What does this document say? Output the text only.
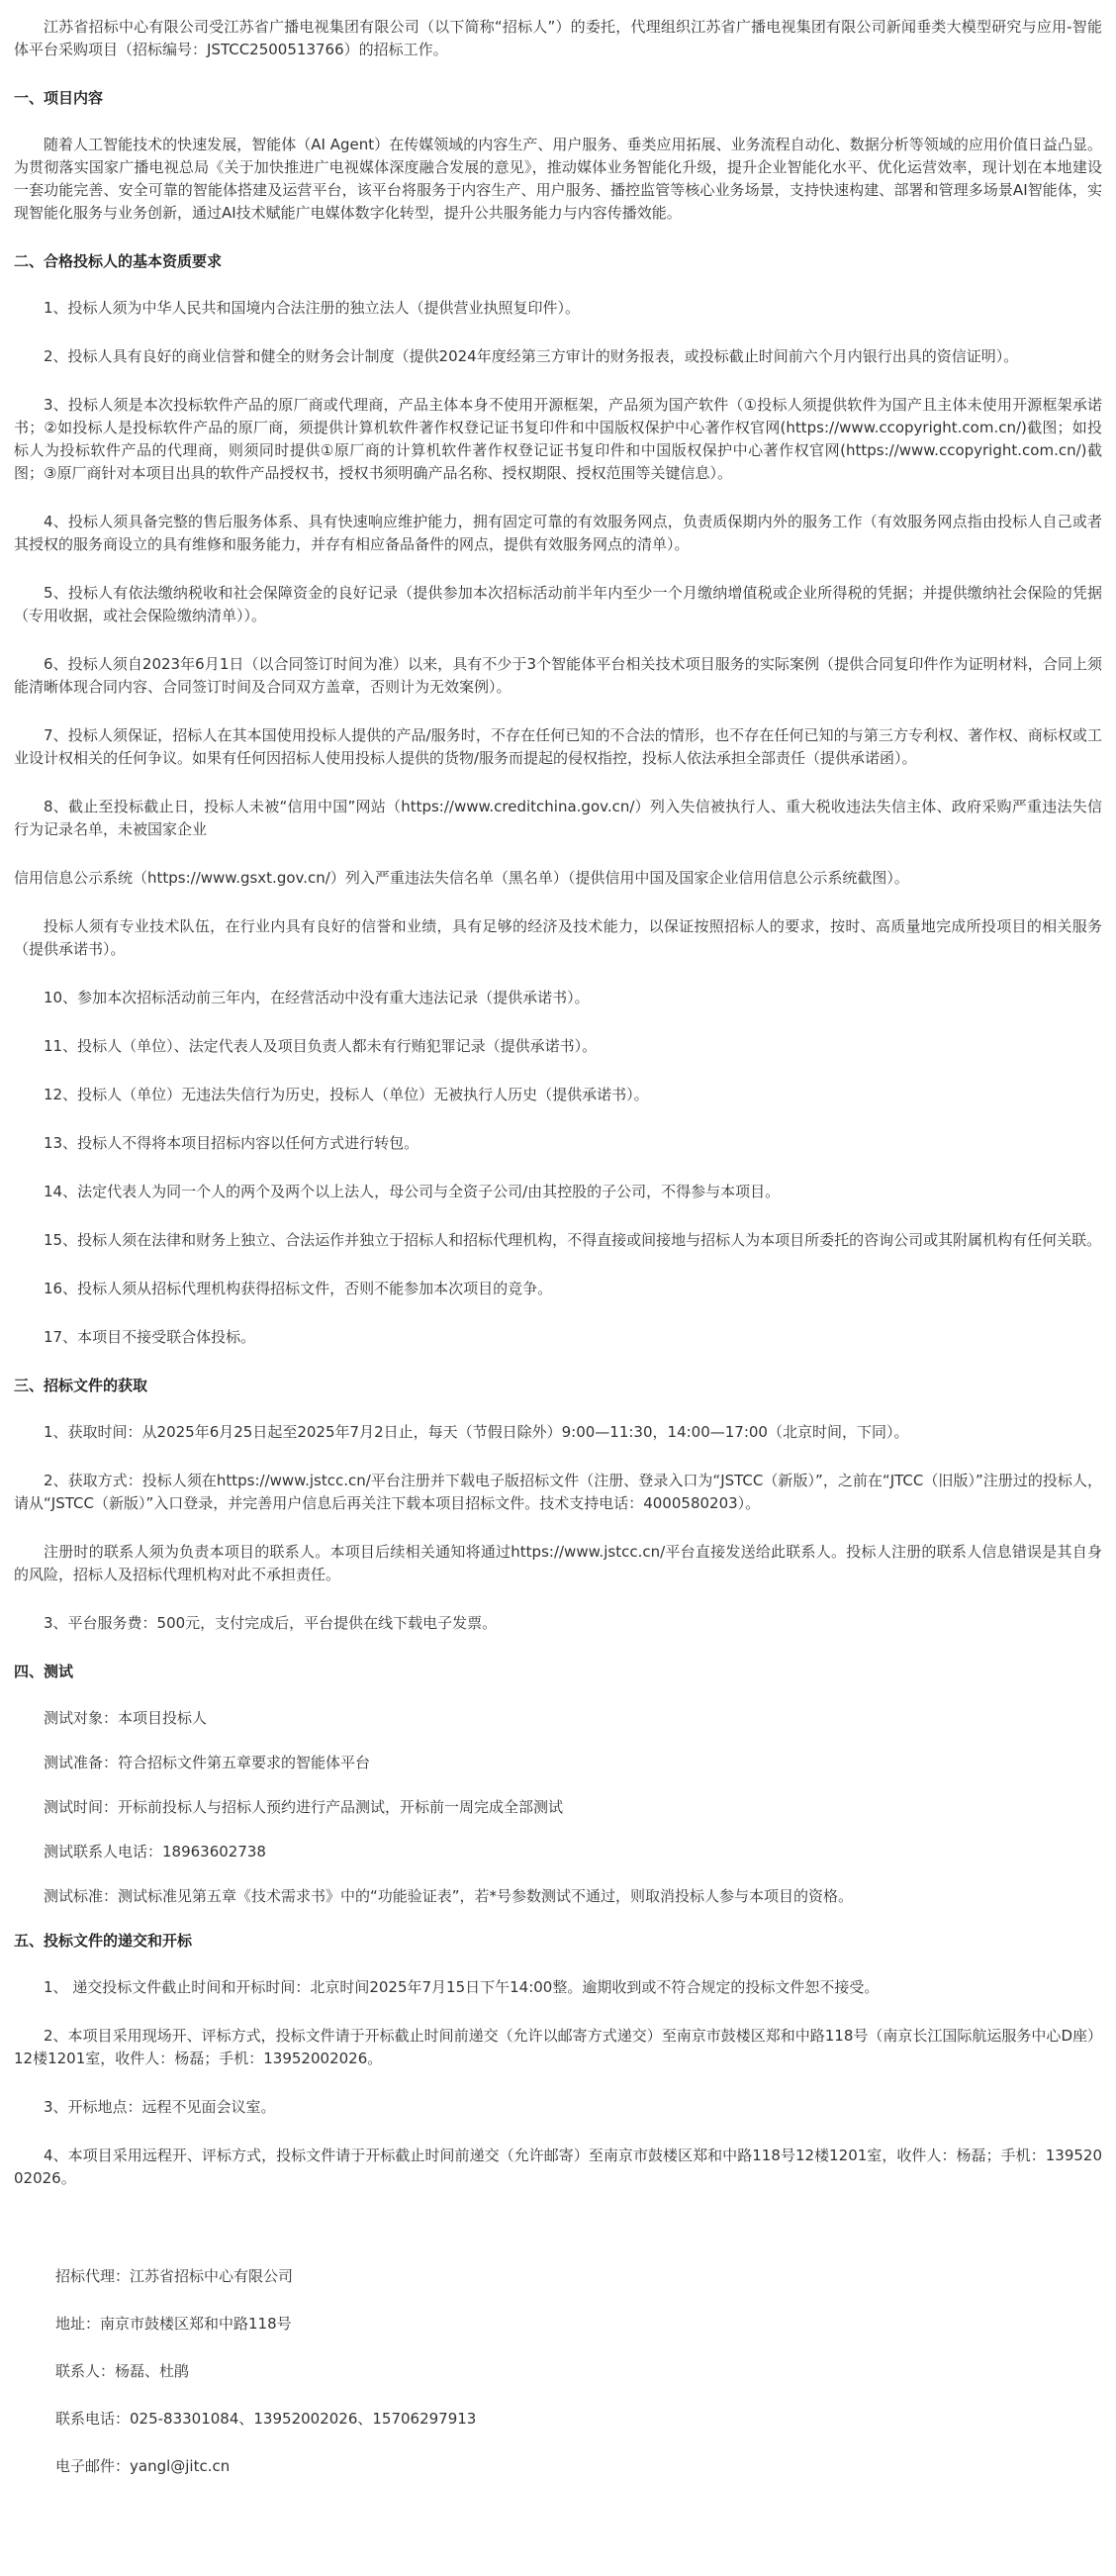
江苏省招标中心有限公司受江苏省广播电视集团有限公司（以下简称“招标人”）的委托，代理组织江苏省广播电视集团有限公司新闻垂类大模型研究与应用-智能体平台采购项目（招标编号：JSTCC2500513766）的招标工作。

一、项目内容

随着人工智能技术的快速发展，智能体（AI Agent）在传媒领域的内容生产、用户服务、垂类应用拓展、业务流程自动化、数据分析等领域的应用价值日益凸显。为贯彻落实国家广播电视总局《关于加快推进广电视媒体深度融合发展的意见》，推动媒体业务智能化升级，提升企业智能化水平、优化运营效率，现计划在本地建设一套功能完善、安全可靠的智能体搭建及运营平台，该平台将服务于内容生产、用户服务、播控监管等核心业务场景，支持快速构建、部署和管理多场景AI智能体，实现智能化服务与业务创新，通过AI技术赋能广电媒体数字化转型，提升公共服务能力与内容传播效能。

二、合格投标人的基本资质要求

1、投标人须为中华人民共和国境内合法注册的独立法人（提供营业执照复印件）。

2、投标人具有良好的商业信誉和健全的财务会计制度（提供2024年度经第三方审计的财务报表，或投标截止时间前六个月内银行出具的资信证明）。

3、投标人须是本次投标软件产品的原厂商或代理商，产品主体本身不使用开源框架，产品须为国产软件（①投标人须提供软件为国产且主体未使用开源框架承诺书；②如投标人是投标软件产品的原厂商，须提供计算机软件著作权登记证书复印件和中国版权保护中心著作权官网(https://www.ccopyright.com.cn/)截图；如投标人为投标软件产品的代理商，则须同时提供①原厂商的计算机软件著作权登记证书复印件和中国版权保护中心著作权官网(https://www.ccopyright.com.cn/)截图；③原厂商针对本项目出具的软件产品授权书，授权书须明确产品名称、授权期限、授权范围等关键信息）。

4、投标人须具备完整的售后服务体系、具有快速响应维护能力，拥有固定可靠的有效服务网点，负责质保期内外的服务工作（有效服务网点指由投标人自己或者其授权的服务商设立的具有维修和服务能力，并存有相应备品备件的网点，提供有效服务网点的清单）。

5、投标人有依法缴纳税收和社会保障资金的良好记录（提供参加本次招标活动前半年内至少一个月缴纳增值税或企业所得税的凭据；并提供缴纳社会保险的凭据（专用收据，或社会保险缴纳清单））。

6、投标人须自2023年6月1日（以合同签订时间为准）以来，具有不少于3个智能体平台相关技术项目服务的实际案例（提供合同复印件作为证明材料，合同上须能清晰体现合同内容、合同签订时间及合同双方盖章，否则计为无效案例）。

7、投标人须保证，招标人在其本国使用投标人提供的产品/服务时，不存在任何已知的不合法的情形，也不存在任何已知的与第三方专利权、著作权、商标权或工业设计权相关的任何争议。如果有任何因招标人使用投标人提供的货物/服务而提起的侵权指控，投标人依法承担全部责任（提供承诺函）。

8、截止至投标截止日，投标人未被“信用中国”网站（https://www.creditchina.gov.cn/）列入失信被执行人、重大税收违法失信主体、政府采购严重违法失信行为记录名单，未被国家企业

信用信息公示系统（https://www.gsxt.gov.cn/）列入严重违法失信名单（黑名单）（提供信用中国及国家企业信用信息公示系统截图）。

投标人须有专业技术队伍，在行业内具有良好的信誉和业绩，具有足够的经济及技术能力，以保证按照招标人的要求，按时、高质量地完成所投项目的相关服务（提供承诺书）。

10、参加本次招标活动前三年内，在经营活动中没有重大违法记录（提供承诺书）。

11、投标人（单位）、法定代表人及项目负责人都未有行贿犯罪记录（提供承诺书）。

12、投标人（单位）无违法失信行为历史，投标人（单位）无被执行人历史（提供承诺书）。

13、投标人不得将本项目招标内容以任何方式进行转包。

14、法定代表人为同一个人的两个及两个以上法人，母公司与全资子公司/由其控股的子公司，不得参与本项目。

15、投标人须在法律和财务上独立、合法运作并独立于招标人和招标代理机构，不得直接或间接地与招标人为本项目所委托的咨询公司或其附属机构有任何关联。

16、投标人须从招标代理机构获得招标文件，否则不能参加本次项目的竞争。

17、本项目不接受联合体投标。

三、招标文件的获取

1、获取时间：从2025年6月25日起至2025年7月2日止，每天（节假日除外）9:00—11:30，14:00—17:00（北京时间，下同）。

2、获取方式：投标人须在https://www.jstcc.cn/平台注册并下载电子版招标文件（注册、登录入口为“JSTCC（新版）”，之前在“JTCC（旧版）”注册过的投标人，请从“JSTCC（新版）”入口登录，并完善用户信息后再关注下载本项目招标文件。技术支持电话：4000580203）。

注册时的联系人须为负责本项目的联系人。本项目后续相关通知将通过https://www.jstcc.cn/平台直接发送给此联系人。投标人注册的联系人信息错误是其自身的风险，招标人及招标代理机构对此不承担责任。

3、平台服务费：500元，支付完成后，平台提供在线下载电子发票。

四、测试

测试对象：本项目投标人

测试准备：符合招标文件第五章要求的智能体平台

测试时间：开标前投标人与招标人预约进行产品测试，开标前一周完成全部测试

测试联系人电话：18963602738

测试标准：测试标准见第五章《技术需求书》中的“功能验证表”，若*号参数测试不通过，则取消投标人参与本项目的资格。

五、投标文件的递交和开标

1、 递交投标文件截止时间和开标时间：北京时间2025年7月15日下午14:00整。逾期收到或不符合规定的投标文件恕不接受。

2、本项目采用现场开、评标方式，投标文件请于开标截止时间前递交（允许以邮寄方式递交）至南京市鼓楼区郑和中路118号（南京长江国际航运服务中心D座）12楼1201室，收件人：杨磊；手机：13952002026。

3、开标地点：远程不见面会议室。

4、本项目采用远程开、评标方式，投标文件请于开标截止时间前递交（允许邮寄）至南京市鼓楼区郑和中路118号12楼1201室，收件人：杨磊；手机：13952002026。

招标代理：江苏省招标中心有限公司
地址：南京市鼓楼区郑和中路118号
联系人：杨磊、杜鹃
联系电话：025-83301084、13952002026、15706297913
电子邮件：yangl@jitc.cn
